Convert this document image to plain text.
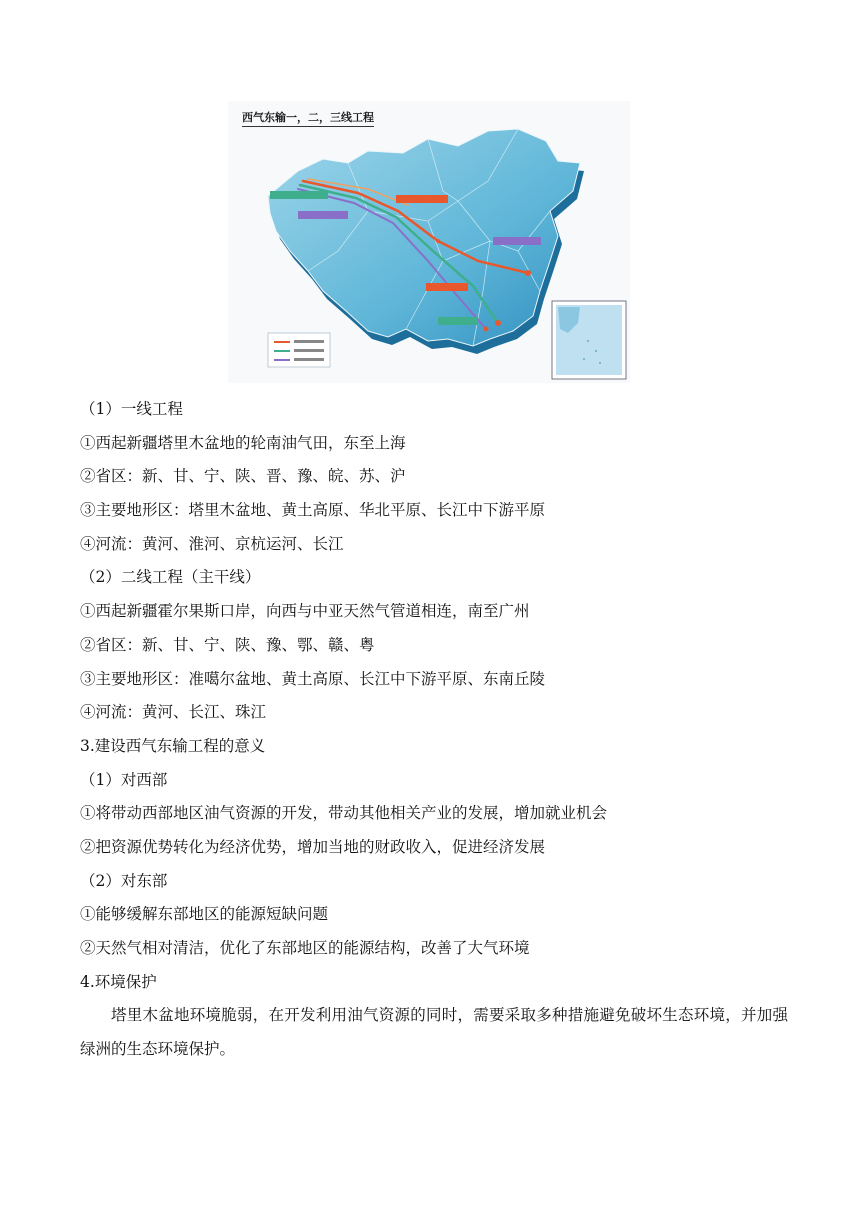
西气东输一，二，三线工程
（1）一线工程
①西起新疆塔里木盆地的轮南油气田，东至上海
②省区：新、甘、宁、陕、晋、豫、皖、苏、沪
③主要地形区：塔里木盆地、黄土高原、华北平原、长江中下游平原
④河流：黄河、淮河、京杭运河、长江
（2）二线工程（主干线）
①西起新疆霍尔果斯口岸，向西与中亚天然气管道相连，南至广州
②省区：新、甘、宁、陕、豫、鄂、赣、粤
③主要地形区：准噶尔盆地、黄土高原、长江中下游平原、东南丘陵
④河流：黄河、长江、珠江
3.建设西气东输工程的意义
（1）对西部
①将带动西部地区油气资源的开发，带动其他相关产业的发展，增加就业机会
②把资源优势转化为经济优势，增加当地的财政收入，促进经济发展
（2）对东部
①能够缓解东部地区的能源短缺问题
②天然气相对清洁，优化了东部地区的能源结构，改善了大气环境
4.环境保护
塔里木盆地环境脆弱，在开发利用油气资源的同时，需要采取多种措施避免破坏生态环境，并加强绿洲的生态环境保护。
